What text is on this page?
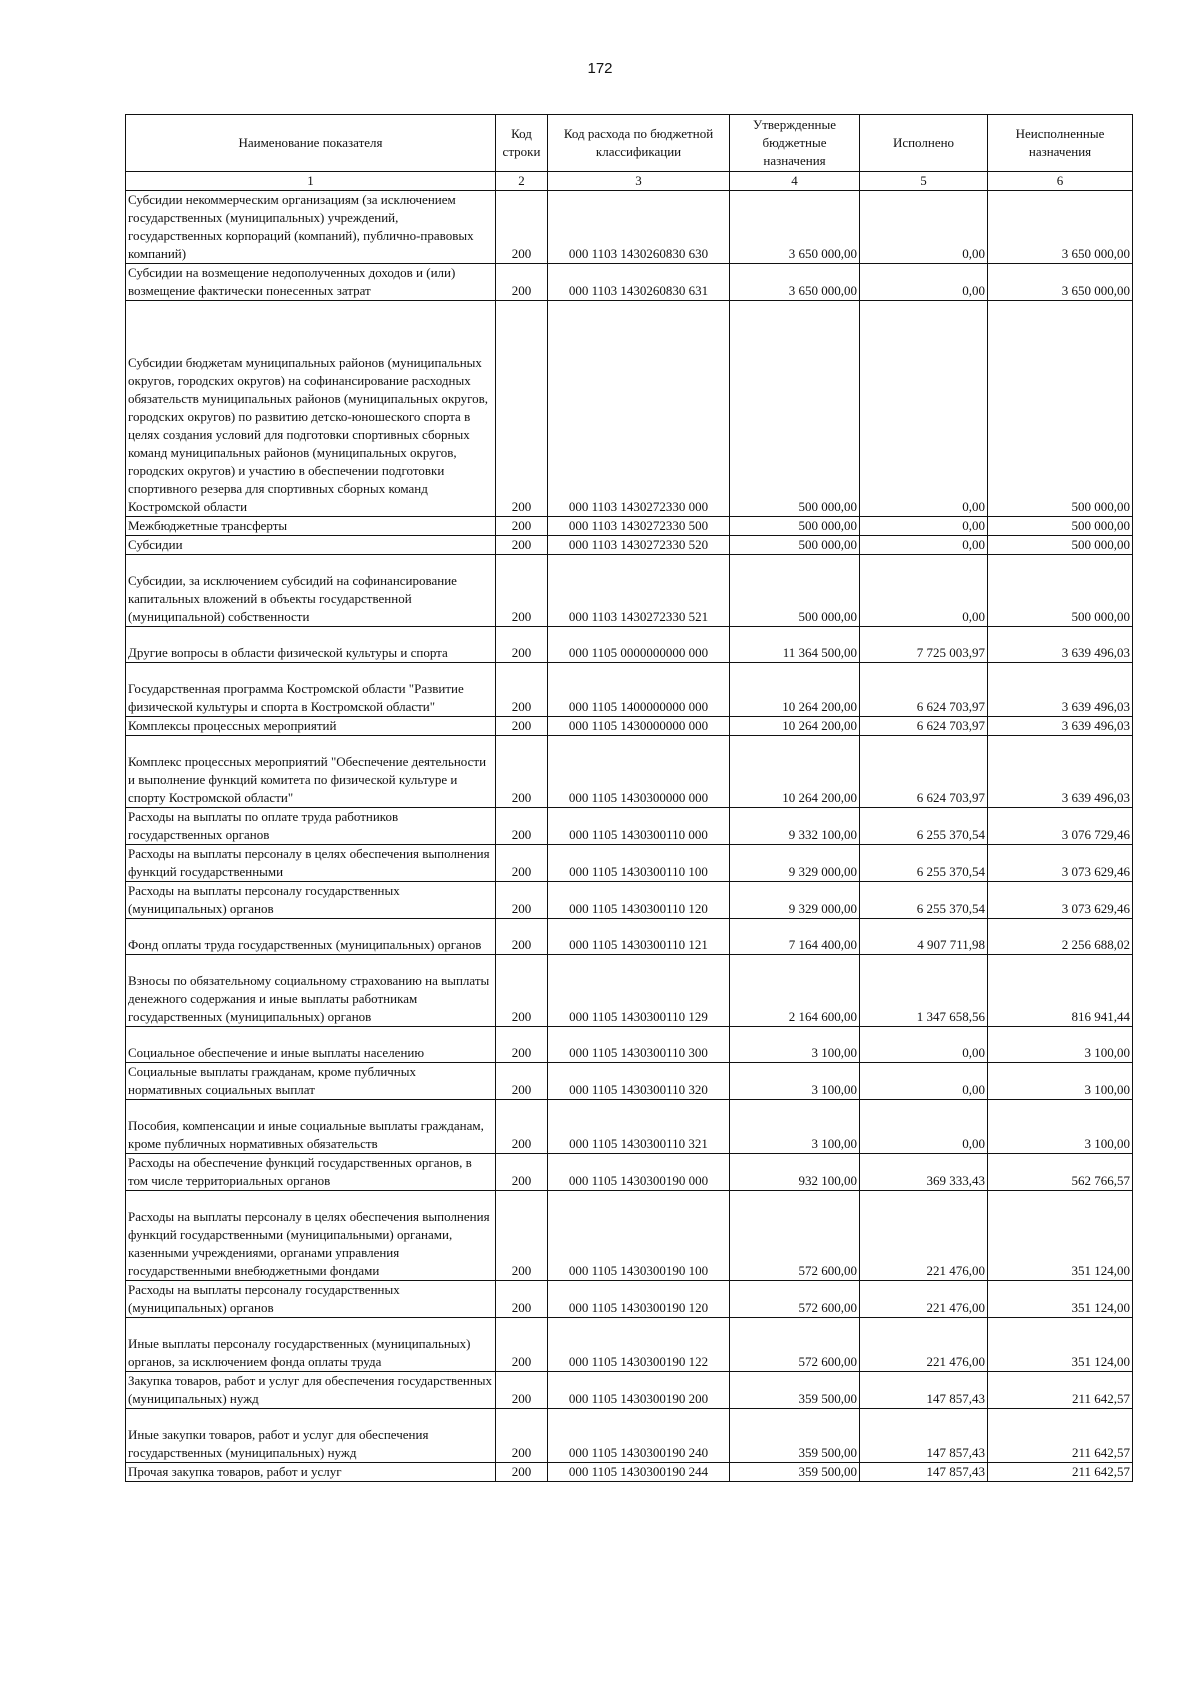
172
Наименование показателя	Код строки	Код расхода по бюджетной классификации	Утвержденные бюджетные назначения	Исполнено	Неисполненные назначения
1	2	3	4	5	6
Субсидии некоммерческим организациям (за исключением государственных (муниципальных) учреждений, государственных корпораций (компаний), публично-правовых компаний)	200	000 1103 1430260830 630	3 650 000,00	0,00	3 650 000,00
Субсидии на возмещение недополученных доходов и (или) возмещение фактически понесенных затрат	200	000 1103 1430260830 631	3 650 000,00	0,00	3 650 000,00
Субсидии бюджетам муниципальных районов (муниципальных округов, городских округов) на софинансирование расходных обязательств муниципальных районов (муниципальных округов, городских округов) по развитию детско-юношеского спорта в целях создания условий для подготовки спортивных сборных команд муниципальных районов (муниципальных округов, городских округов) и участию в обеспечении подготовки спортивного резерва для спортивных сборных команд Костромской области	200	000 1103 1430272330 000	500 000,00	0,00	500 000,00
Межбюджетные трансферты	200	000 1103 1430272330 500	500 000,00	0,00	500 000,00
Субсидии	200	000 1103 1430272330 520	500 000,00	0,00	500 000,00
Субсидии, за исключением субсидий на софинансирование капитальных вложений в объекты государственной (муниципальной) собственности	200	000 1103 1430272330 521	500 000,00	0,00	500 000,00
Другие вопросы в области физической культуры и спорта	200	000 1105 0000000000 000	11 364 500,00	7 725 003,97	3 639 496,03
Государственная программа Костромской области "Развитие физической культуры и спорта в Костромской области"	200	000 1105 1400000000 000	10 264 200,00	6 624 703,97	3 639 496,03
Комплексы процессных мероприятий	200	000 1105 1430000000 000	10 264 200,00	6 624 703,97	3 639 496,03
Комплекс процессных мероприятий "Обеспечение деятельности и выполнение функций комитета по физической культуре и спорту Костромской области"	200	000 1105 1430300000 000	10 264 200,00	6 624 703,97	3 639 496,03
Расходы на выплаты по оплате труда работников государственных органов	200	000 1105 1430300110 000	9 332 100,00	6 255 370,54	3 076 729,46
Расходы на выплаты персоналу в целях обеспечения выполнения функций государственными	200	000 1105 1430300110 100	9 329 000,00	6 255 370,54	3 073 629,46
Расходы на выплаты персоналу государственных (муниципальных) органов	200	000 1105 1430300110 120	9 329 000,00	6 255 370,54	3 073 629,46
Фонд оплаты труда государственных (муниципальных) органов	200	000 1105 1430300110 121	7 164 400,00	4 907 711,98	2 256 688,02
Взносы по обязательному социальному страхованию на выплаты денежного содержания и иные выплаты работникам государственных (муниципальных) органов	200	000 1105 1430300110 129	2 164 600,00	1 347 658,56	816 941,44
Социальное обеспечение и иные выплаты населению	200	000 1105 1430300110 300	3 100,00	0,00	3 100,00
Социальные выплаты гражданам, кроме публичных нормативных социальных выплат	200	000 1105 1430300110 320	3 100,00	0,00	3 100,00
Пособия, компенсации и иные социальные выплаты гражданам, кроме публичных нормативных обязательств	200	000 1105 1430300110 321	3 100,00	0,00	3 100,00
Расходы на обеспечение функций государственных органов, в том числе территориальных органов	200	000 1105 1430300190 000	932 100,00	369 333,43	562 766,57
Расходы на выплаты персоналу в целях обеспечения выполнения функций государственными (муниципальными) органами, казенными учреждениями, органами управления государственными внебюджетными фондами	200	000 1105 1430300190 100	572 600,00	221 476,00	351 124,00
Расходы на выплаты персоналу государственных (муниципальных) органов	200	000 1105 1430300190 120	572 600,00	221 476,00	351 124,00
Иные выплаты персоналу государственных (муниципальных) органов, за исключением фонда оплаты труда	200	000 1105 1430300190 122	572 600,00	221 476,00	351 124,00
Закупка товаров, работ и услуг для обеспечения государственных (муниципальных) нужд	200	000 1105 1430300190 200	359 500,00	147 857,43	211 642,57
Иные закупки товаров, работ и услуг для обеспечения государственных (муниципальных) нужд	200	000 1105 1430300190 240	359 500,00	147 857,43	211 642,57
Прочая закупка товаров, работ и услуг	200	000 1105 1430300190 244	359 500,00	147 857,43	211 642,57
